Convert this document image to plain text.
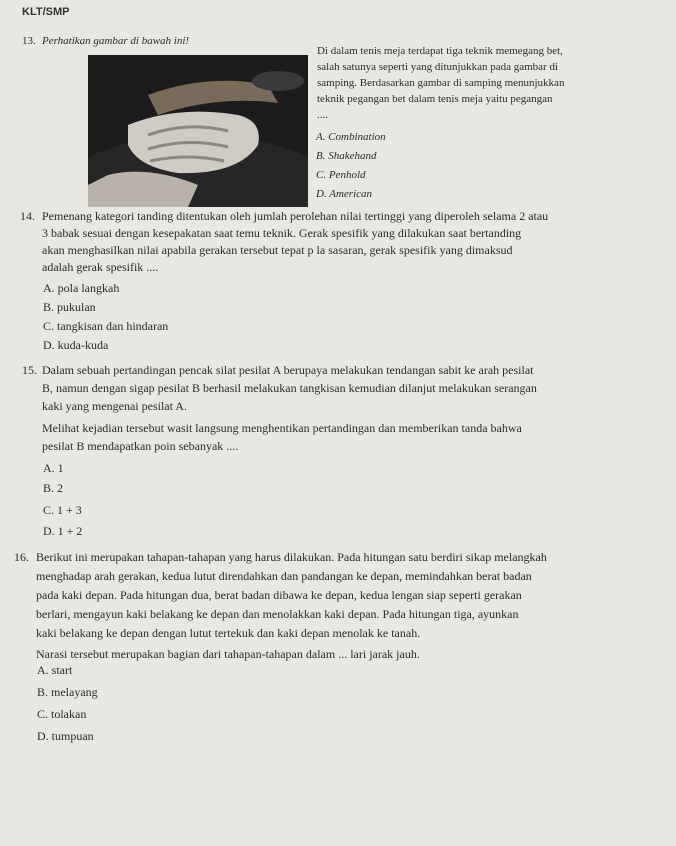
KLT/SMP
13. Perhatikan gambar di bawah ini!
Di dalam tenis meja terdapat tiga teknik memegang bet,
salah satunya seperti yang ditunjukkan pada gambar di
samping. Berdasarkan gambar di samping menunjukkan
teknik pegangan bet dalam tenis meja yaitu pegangan
....
A. Combination
B. Shakehand
C. Penhold
D. American
14. Pemenang kategori tanding ditentukan oleh jumlah perolehan nilai tertinggi yang diperoleh selama 2 atau
3 babak sesuai dengan kesepakatan saat temu teknik. Gerak spesifik yang dilakukan saat bertanding
akan menghasilkan nilai apabila gerakan tersebut tepat p la sasaran, gerak spesifik yang dimaksud
adalah gerak spesifik ....
A. pola langkah
B. pukulan
C. tangkisan dan hindaran
D. kuda-kuda
15. Dalam sebuah pertandingan pencak silat pesilat A berupaya melakukan tendangan sabit ke arah pesilat
B, namun dengan sigap pesilat B berhasil melakukan tangkisan kemudian dilanjut melakukan serangan
kaki yang mengenai pesilat A.
Melihat kejadian tersebut wasit langsung menghentikan pertandingan dan memberikan tanda bahwa
pesilat B mendapatkan poin sebanyak ....
A. 1
B. 2
C. 1 + 3
D. 1 + 2
16. Berikut ini merupakan tahapan-tahapan yang harus dilakukan. Pada hitungan satu berdiri sikap melangkah
menghadap arah gerakan, kedua lutut direndahkan dan pandangan ke depan, memindahkan berat badan
pada kaki depan. Pada hitungan dua, berat badan dibawa ke depan, kedua lengan siap seperti gerakan
berlari, mengayun kaki belakang ke depan dan menolakkan kaki depan. Pada hitungan tiga, ayunkan
kaki belakang ke depan dengan lutut tertekuk dan kaki depan menolak ke tanah.
Narasi tersebut merupakan bagian dari tahapan-tahapan dalam ... lari jarak jauh.
A. start
B. melayang
C. tolakan
D. tumpuan
